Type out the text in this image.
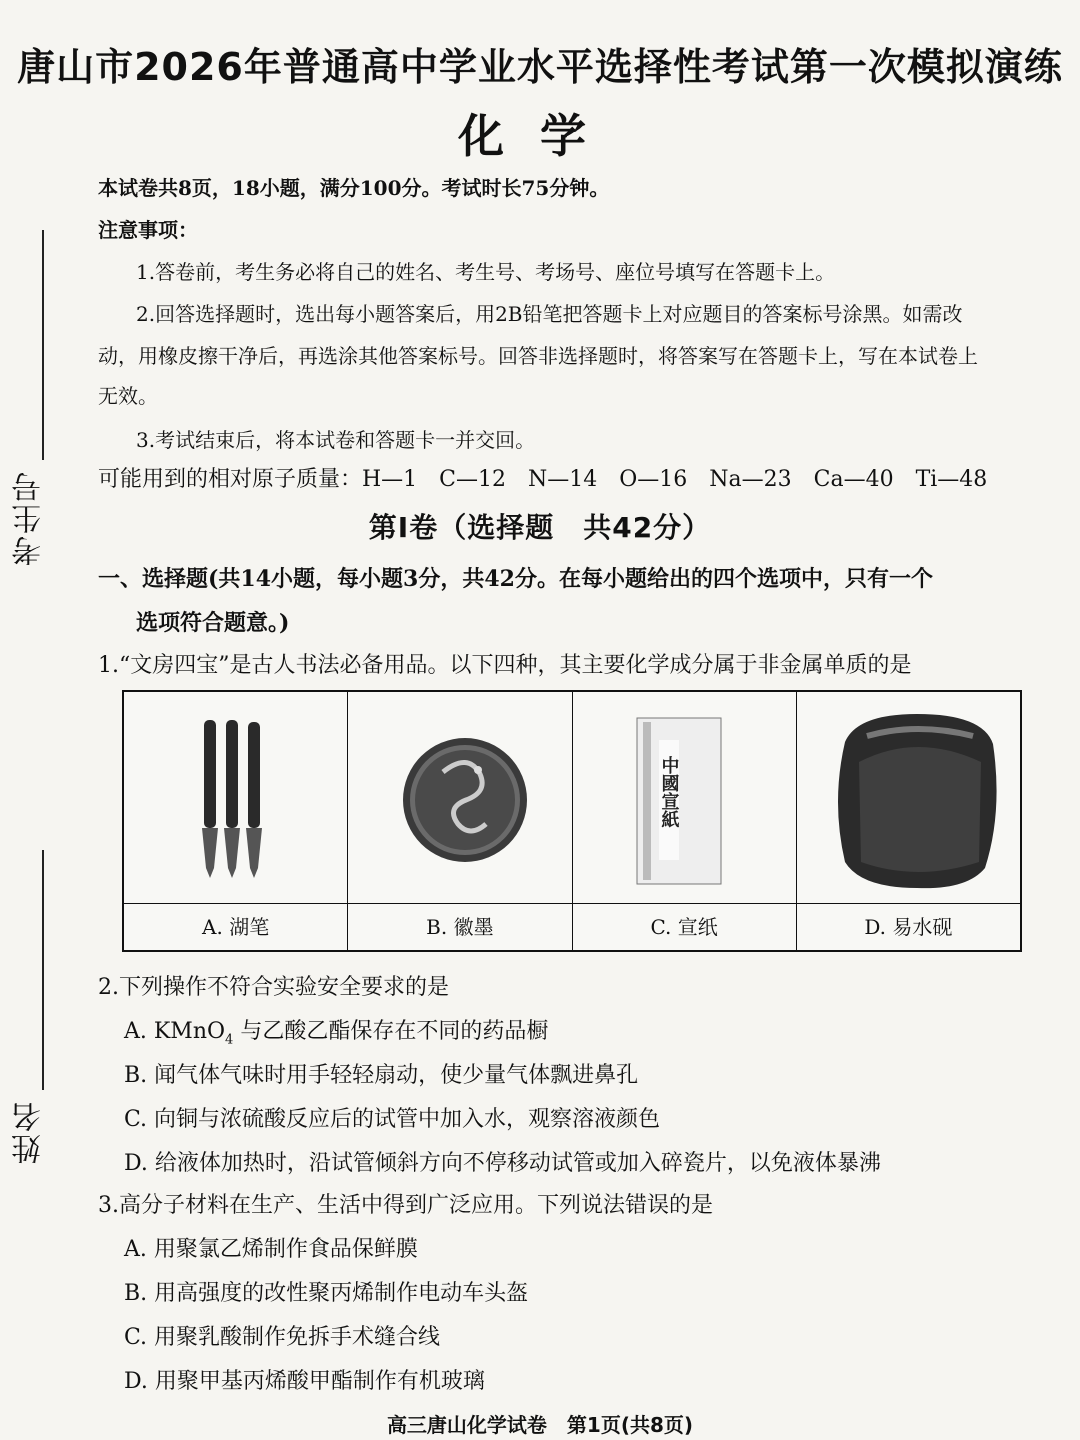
考生号
姓名
唐山市2026年普通高中学业水平选择性考试第一次模拟演练
化学
本试卷共8页，18小题，满分100分。考试时长75分钟。
注意事项：
1.答卷前，考生务必将自己的姓名、考生号、考场号、座位号填写在答题卡上。
2.回答选择题时，选出每小题答案后，用2B铅笔把答题卡上对应题目的答案标号涂黑。如需改
动，用橡皮擦干净后，再选涂其他答案标号。回答非选择题时，将答案写在答题卡上，写在本试卷上
无效。
3.考试结束后，将本试卷和答题卡一并交回。
可能用到的相对原子质量：H—1　C—12　N—14　O—16　Na—23　Ca—40　Ti—48
第Ⅰ卷（选择题　共42分）
一、选择题(共14小题，每小题3分，共42分。在每小题给出的四个选项中，只有一个
选项符合题意。)
1.“文房四宝”是古人书法必备用品。以下四种，其主要化学成分属于非金属单质的是
A. 湖笔	B. 徽墨
中國宣紙
C. 宣纸	D. 易水砚
2.下列操作不符合实验安全要求的是
A. KMnO$_4$ 与乙酸乙酯保存在不同的药品橱
B. 闻气体气味时用手轻轻扇动，使少量气体飘进鼻孔
C. 向铜与浓硫酸反应后的试管中加入水，观察溶液颜色
D. 给液体加热时，沿试管倾斜方向不停移动试管或加入碎瓷片，以免液体暴沸
3.高分子材料在生产、生活中得到广泛应用。下列说法错误的是
A. 用聚氯乙烯制作食品保鲜膜
B. 用高强度的改性聚丙烯制作电动车头盔
C. 用聚乳酸制作免拆手术缝合线
D. 用聚甲基丙烯酸甲酯制作有机玻璃
高三唐山化学试卷　第1页(共8页)
